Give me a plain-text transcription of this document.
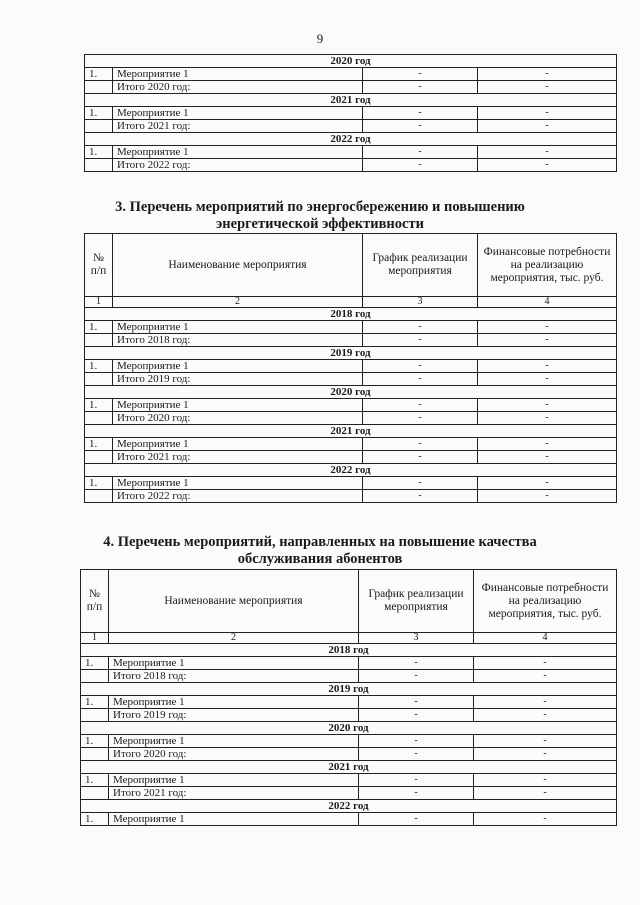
9
2020 год			
1.	Мероприятие 1	-	-
	Итого 2020 год:	-	-
2021 год			
1.	Мероприятие 1	-	-
	Итого 2021 год:	-	-
2022 год			
1.	Мероприятие 1	-	-
	Итого 2022 год:	-	-
3. Перечень мероприятий по энергосбережению и повышению
энергетической эффективности
№ п/п	Наименование мероприятия	График реализации мероприятия	Финансовые потребности на реализацию мероприятия, тыс. руб.
1	2	3	4
2018 год			
1.	Мероприятие 1	-	-
	Итого 2018 год:	-	-
2019 год			
1.	Мероприятие 1	-	-
	Итого 2019 год:	-	-
2020 год			
1.	Мероприятие 1	-	-
	Итого 2020 год:	-	-
2021 год			
1.	Мероприятие 1	-	-
	Итого 2021 год:	-	-
2022 год			
1.	Мероприятие 1	-	-
	Итого 2022 год:	-	-
4. Перечень мероприятий, направленных на повышение качества
обслуживания абонентов
№ п/п	Наименование мероприятия	График реализации мероприятия	Финансовые потребности на реализацию мероприятия, тыс. руб.
1	2	3	4
2018 год			
1.	Мероприятие 1	-	-
	Итого 2018 год:	-	-
2019 год			
1.	Мероприятие 1	-	-
	Итого 2019 год:	-	-
2020 год			
1.	Мероприятие 1	-	-
	Итого 2020 год:	-	-
2021 год			
1.	Мероприятие 1	-	-
	Итого 2021 год:	-	-
2022 год			
1.	Мероприятие 1	-	-
